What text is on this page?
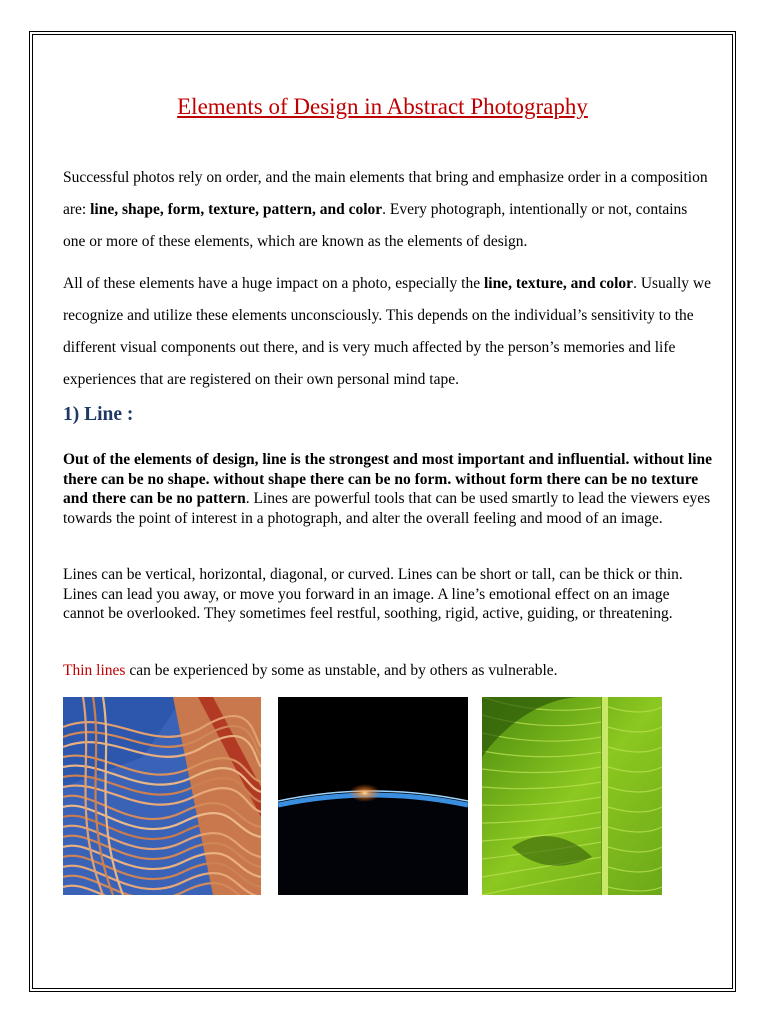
Elements of Design in Abstract Photography
Successful photos rely on order, and the main elements that bring and emphasize order in a composition are: line, shape, form, texture, pattern, and color. Every photograph, intentionally or not, contains one or more of these elements, which are known as the elements of design.
All of these elements have a huge impact on a photo, especially the line, texture, and color. Usually we recognize and utilize these elements unconsciously. This depends on the individual’s sensitivity to the different visual components out there, and is very much affected by the person’s memories and life experiences that are registered on their own personal mind tape.
1) Line :
Out of the elements of design, line is the strongest and most important and influential. without line there can be no shape. without shape there can be no form. without form there can be no texture and there can be no pattern. Lines are powerful tools that can be used smartly to lead the viewers eyes towards the point of interest in a photograph, and alter the overall feeling and mood of an image.
Lines can be vertical, horizontal, diagonal, or curved. Lines can be short or tall, can be thick or thin. Lines can lead you away, or move you forward in an image. A line’s emotional effect on an image cannot be overlooked. They sometimes feel restful, soothing, rigid, active, guiding, or threatening.
Thin lines can be experienced by some as unstable, and by others as vulnerable.
